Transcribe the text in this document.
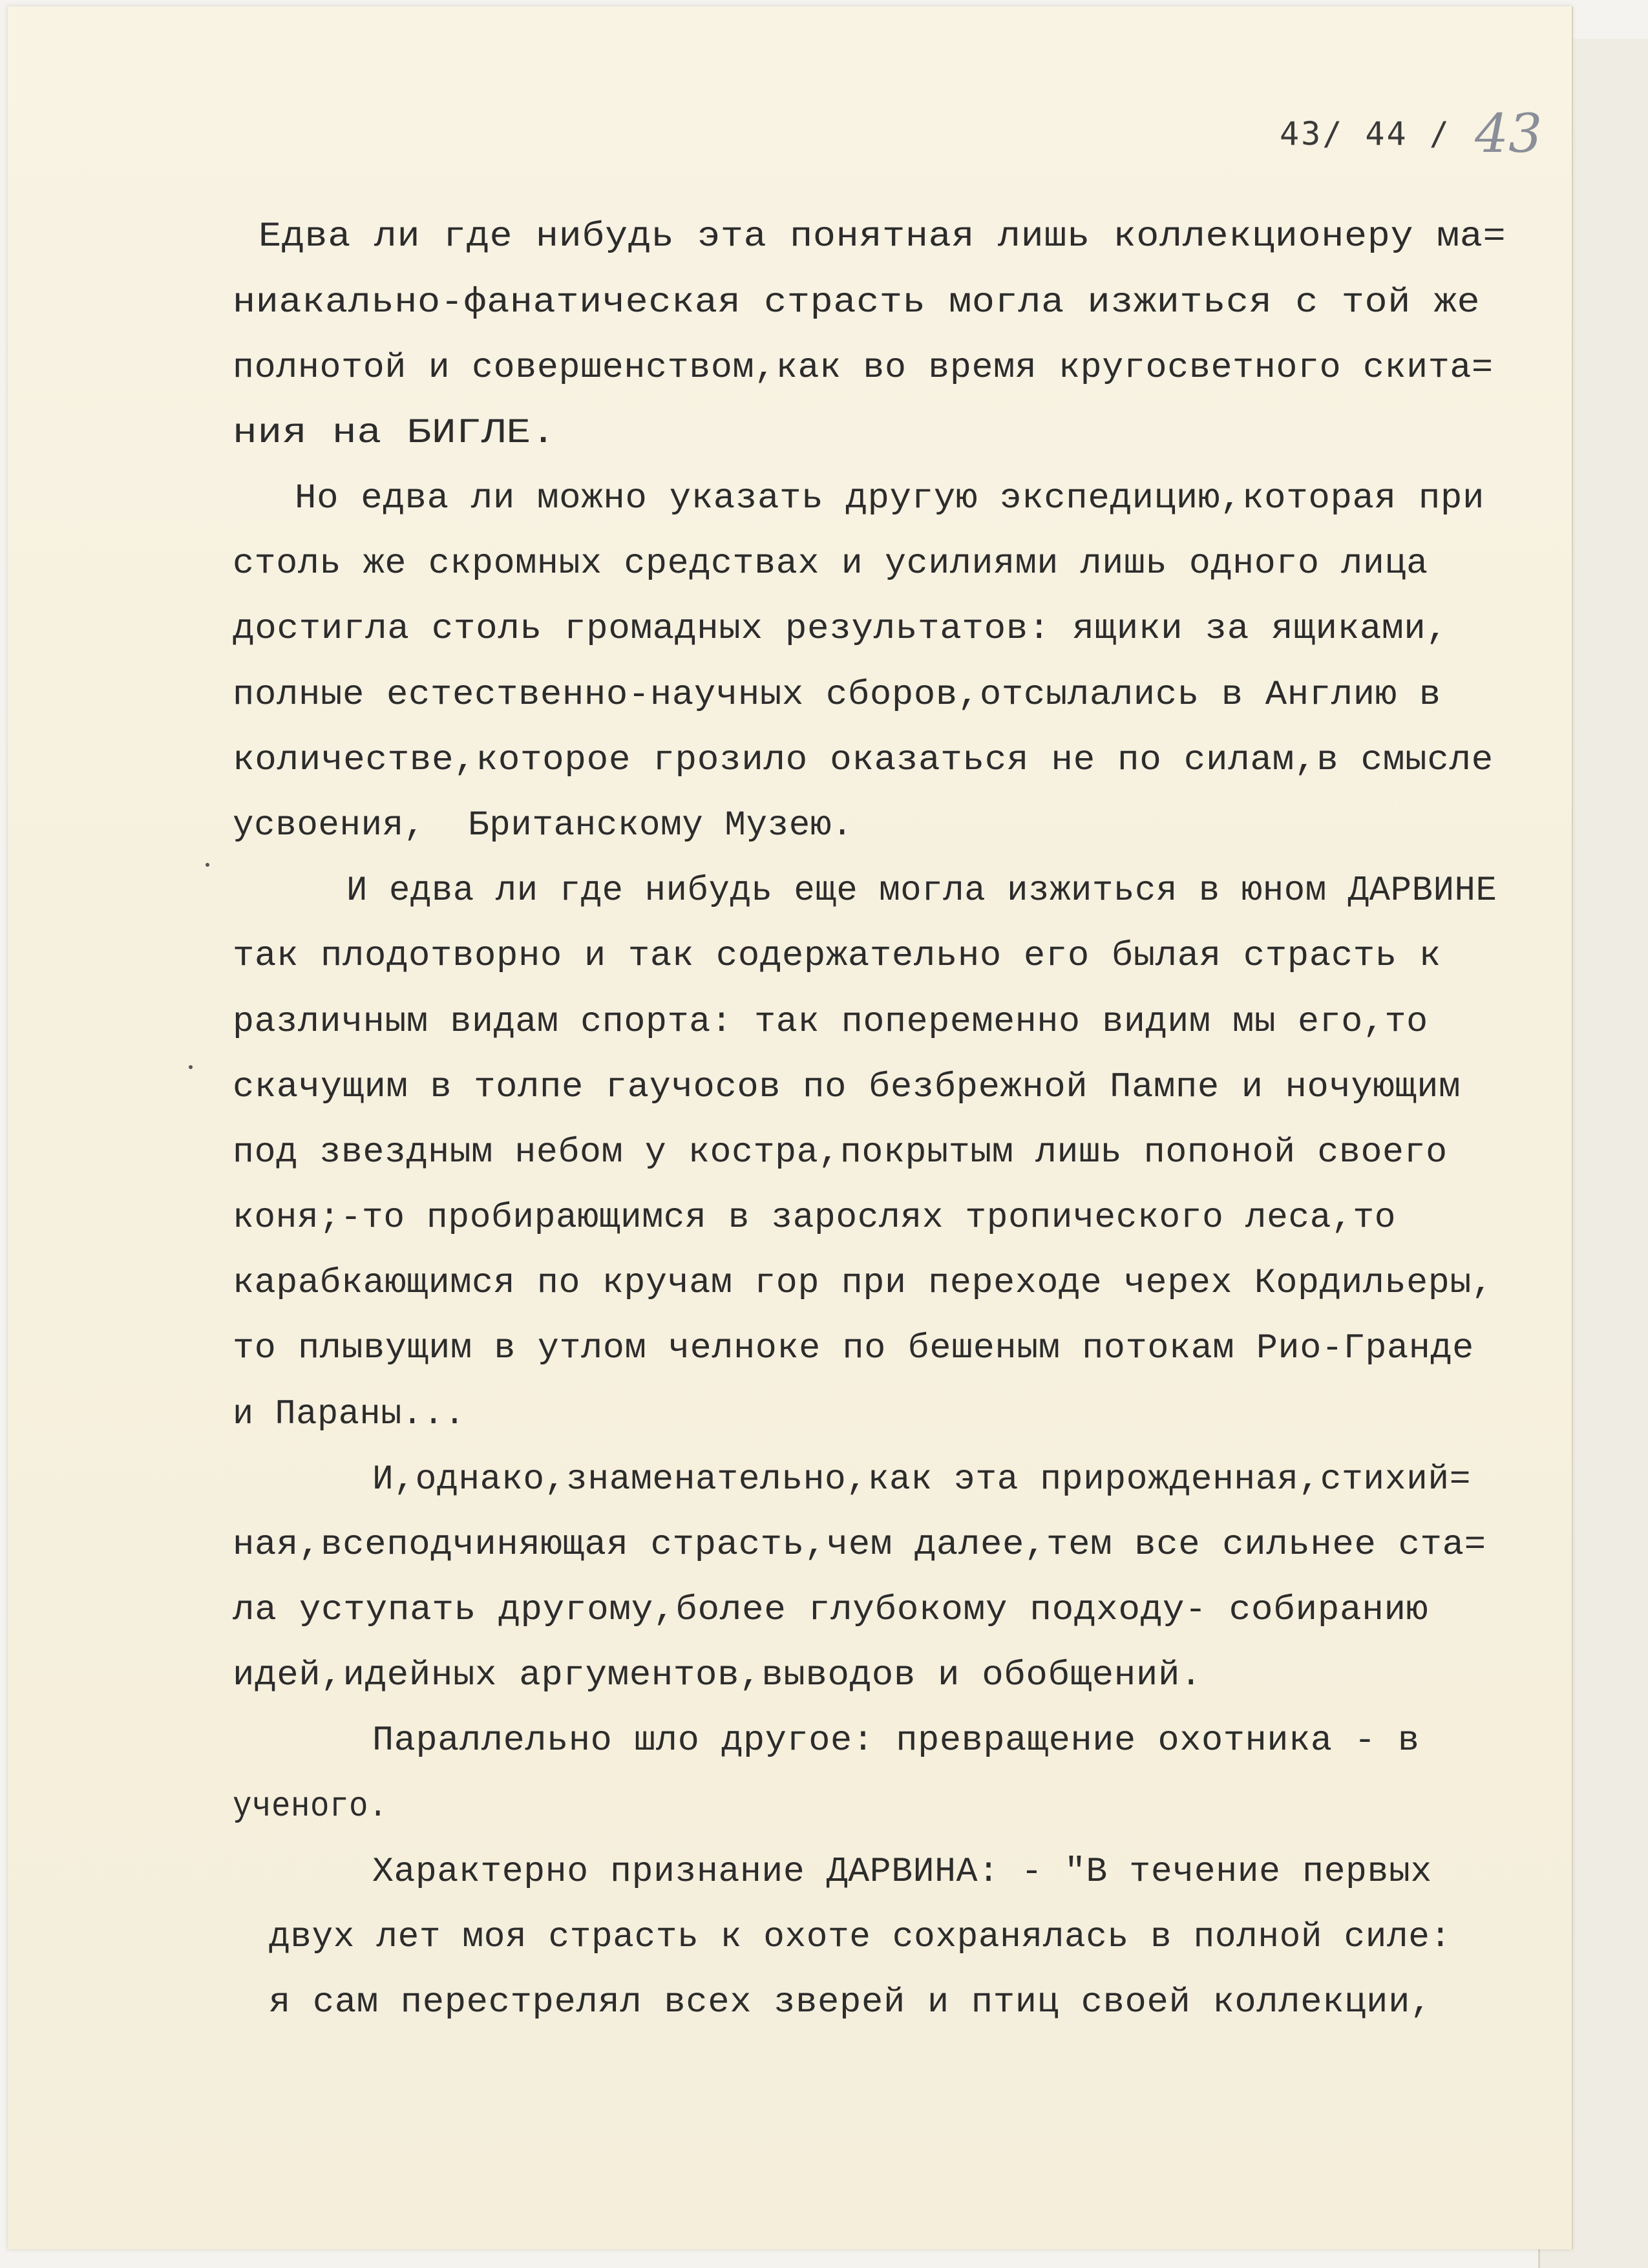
43/ 44 / 43
Едва ли где нибудь эта понятная лишь коллекционеру ма=
ниакально-фанатическая страсть могла изжиться с той же
полнотой и совершенством,как во время кругосветного скита=
ния на БИГЛЕ.
Но едва ли можно указать другую экспедицию,которая при
столь же скромных средствах и усилиями лишь одного лица
достигла столь громадных результатов: ящики за ящиками,
полные естественно-научных сборов,отсылались в Англию в
количестве,которое грозило оказаться не по силам,в смысле
усвоения,  Британскому Музею.
И едва ли где нибудь еще могла изжиться в юном ДАРВИНЕ
так плодотворно и так содержательно его былая страсть к
различным видам спорта: так попеременно видим мы его,то
скачущим в толпе гаучосов по безбрежной Пампе и ночующим
под звездным небом у костра,покрытым лишь попоной своего
коня;-то пробирающимся в зарослях тропического леса,то
карабкающимся по кручам гор при переходе черех Кордильеры,
то плывущим в утлом челноке по бешеным потокам Рио-Гранде
и Параны...
И,однако,знаменательно,как эта прирожденная,стихий=
ная,всеподчиняющая страсть,чем далее,тем все сильнее ста=
ла уступать другому,более глубокому подходу- собиранию
идей,идейных аргументов,выводов и обобщений.
Параллельно шло другое: превращение охотника - в
ученого.
Характерно признание ДАРВИНА: - "В течение первых
двух лет моя страсть к охоте сохранялась в полной силе:
я сам перестрелял всех зверей и птиц своей коллекции,
